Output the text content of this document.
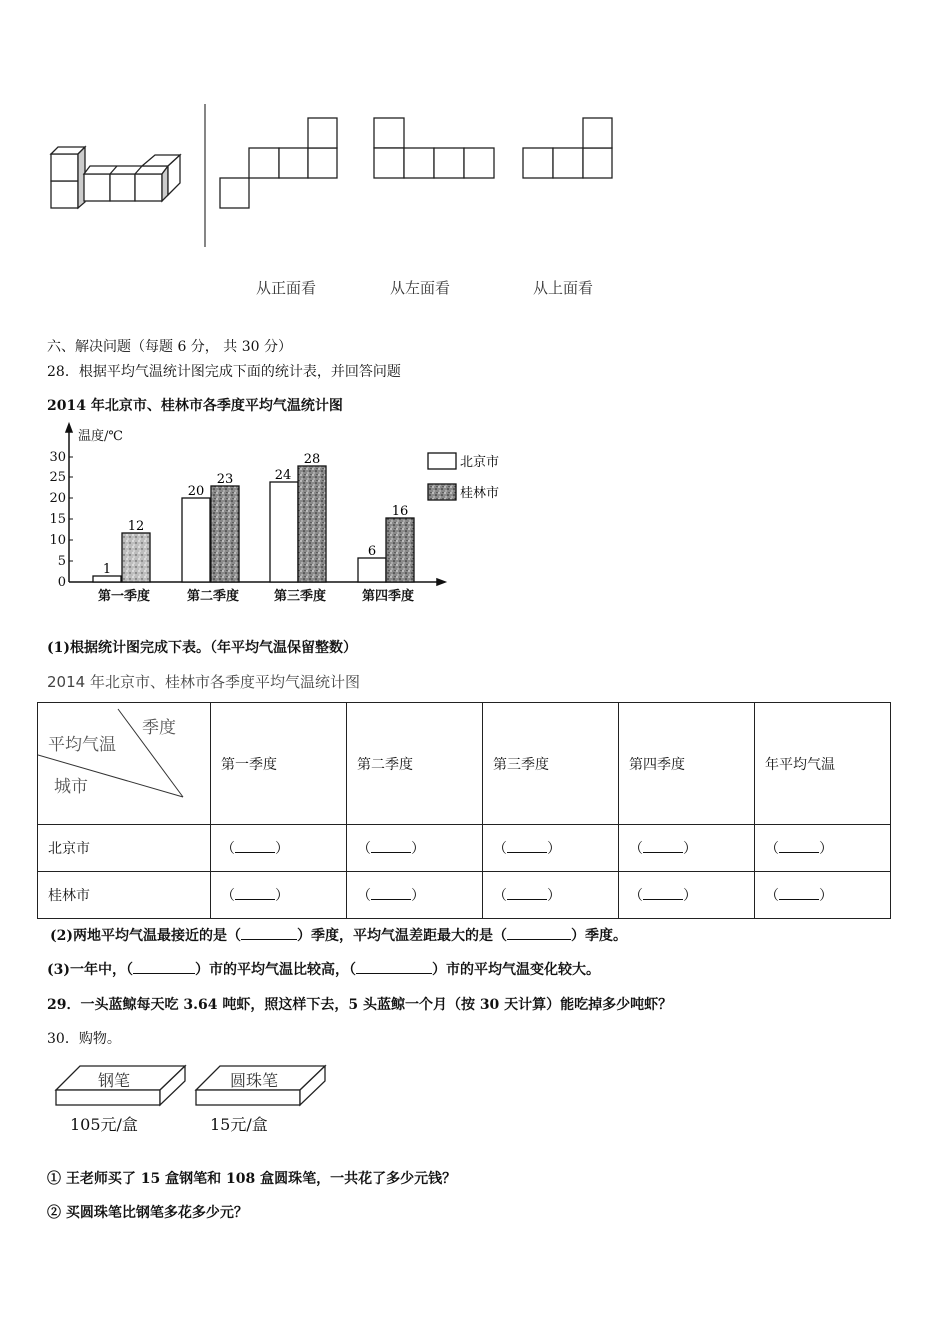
从正面看	从左面看	从上面看
六、解决问题（每题 6 分， 共 30 分）
28．根据平均气温统计图完成下面的统计表，并回答问题
2014 年北京市、桂林市各季度平均气温统计图
0
5
10
15
20
25
30
温度/℃
1
12
20
23	24
28
6
16
第一季度	第二季度	第三季度	第四季度
北京市
桂林市
(1)根据统计图完成下表。（年平均气温保留整数）
2014 年北京市、桂林市各季度平均气温统计图
季度
平均气温
城市	第一季度	第二季度	第三季度	第四季度	年平均气温
北京市	（ ）	（ ）	（ ）	（ ）	（ ）
桂林市	（ ）	（ ）	（ ）	（ ）	（ ）
(2)两地平均气温最接近的是（	）季度，平均气温差距最大的是（	）季度。
(3)一年中，（	）市的平均气温比较高，（	）市的平均气温变化较大。
29．一头蓝鲸每天吃 3.64 吨虾，照这样下去，5 头蓝鲸一个月（按 30 天计算）能吃掉多少吨虾？
30．购物。
钢笔	圆珠笔
105元/盒	15元/盒
① 王老师买了 15 盒钢笔和 108 盒圆珠笔，一共花了多少元钱？
② 买圆珠笔比钢笔多花多少元？
